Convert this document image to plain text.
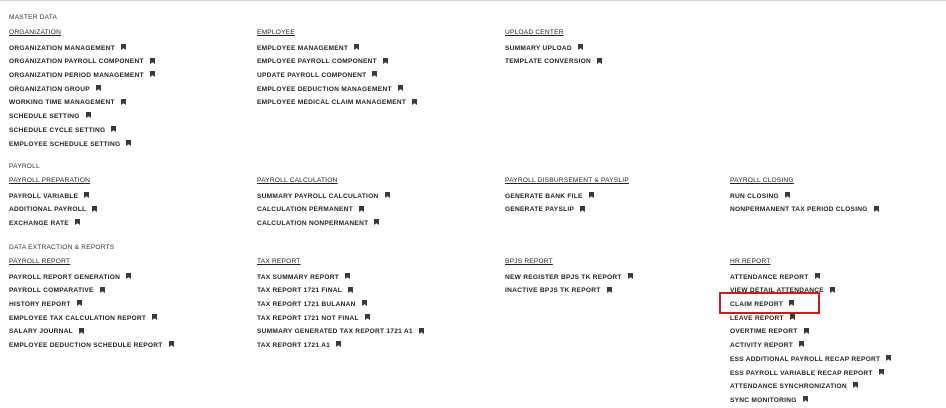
MASTER DATA
PAYROLL
DATA EXTRACTION & REPORTS
ORGANIZATION
ORGANIZATION MANAGEMENT
ORGANIZATION PAYROLL COMPONENT
ORGANIZATION PERIOD MANAGEMENT
ORGANIZATION GROUP
WORKING TIME MANAGEMENT
SCHEDULE SETTING
SCHEDULE CYCLE SETTING
EMPLOYEE SCHEDULE SETTING
EMPLOYEE
EMPLOYEE MANAGEMENT
EMPLOYEE PAYROLL COMPONENT
UPDATE PAYROLL COMPONENT
EMPLOYEE DEDUCTION MANAGEMENT
EMPLOYEE MEDICAL CLAIM MANAGEMENT
UPLOAD CENTER
SUMMARY UPLOAD
TEMPLATE CONVERSION
PAYROLL PREPARATION
PAYROLL VARIABLE
ADDITIONAL PAYROLL
EXCHANGE RATE
PAYROLL CALCULATION
SUMMARY PAYROLL CALCULATION
CALCULATION PERMANENT
CALCULATION NONPERMANENT
PAYROLL DISBURSEMENT & PAYSLIP
GENERATE BANK FILE
GENERATE PAYSLIP
PAYROLL CLOSING
RUN CLOSING
NONPERMANENT TAX PERIOD CLOSING
PAYROLL REPORT
PAYROLL REPORT GENERATION
PAYROLL COMPARATIVE
HISTORY REPORT
EMPLOYEE TAX CALCULATION REPORT
SALARY JOURNAL
EMPLOYEE DEDUCTION SCHEDULE REPORT
TAX REPORT
TAX SUMMARY REPORT
TAX REPORT 1721 FINAL
TAX REPORT 1721 BULANAN
TAX REPORT 1721 NOT FINAL
SUMMARY GENERATED TAX REPORT 1721 A1
TAX REPORT 1721 A1
BPJS REPORT
NEW REGISTER BPJS TK REPORT
INACTIVE BPJS TK REPORT
HR REPORT
ATTENDANCE REPORT
VIEW DETAIL ATTENDANCE
CLAIM REPORT
LEAVE REPORT
OVERTIME REPORT
ACTIVITY REPORT
ESS ADDITIONAL PAYROLL RECAP REPORT
ESS PAYROLL VARIABLE RECAP REPORT
ATTENDANCE SYNCHRONIZATION
SYNC MONITORING
